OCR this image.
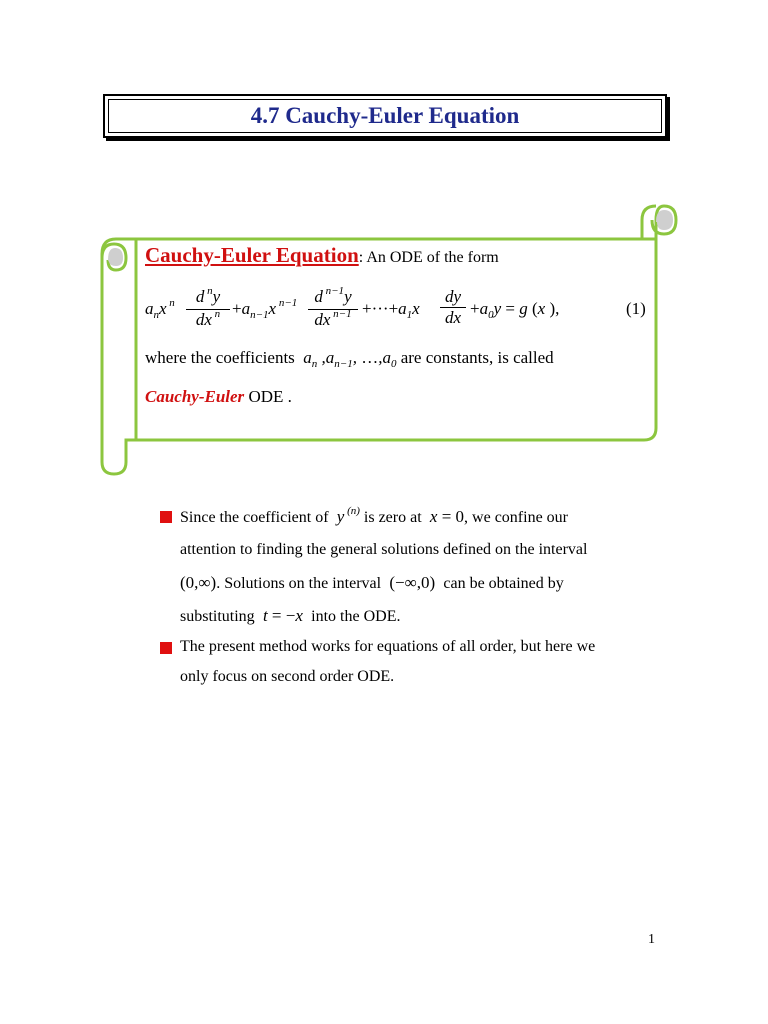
4.7 Cauchy-Euler Equation
Cauchy-Euler Equation: An ODE of the form
$a_nx$ $^n \frac{d ^ny}{dx ^n} +a_{n-1}x$ $^{n-1} \frac{d ^{n-1}y}{dx ^{n-1}} +\cdot\cdot\cdot+a_1x \frac{dy}{dx} +a_0y = g$ (x ),	(1)
where the coefficients  $a_n$ $,a_{n-1}$, $\dots,a_0$ are constants, is called
Cauchy-Euler ODE .
Since the coefficient of  y $^{(n)}$ is zero at  x = 0, we confine our
attention to finding the general solutions defined on the interval
(0,∞). Solutions on the interval  (−∞,0)  can be obtained by
substituting  t = −x  into the ODE.
The present method works for equations of all order, but here we
only focus on second order ODE.
1
